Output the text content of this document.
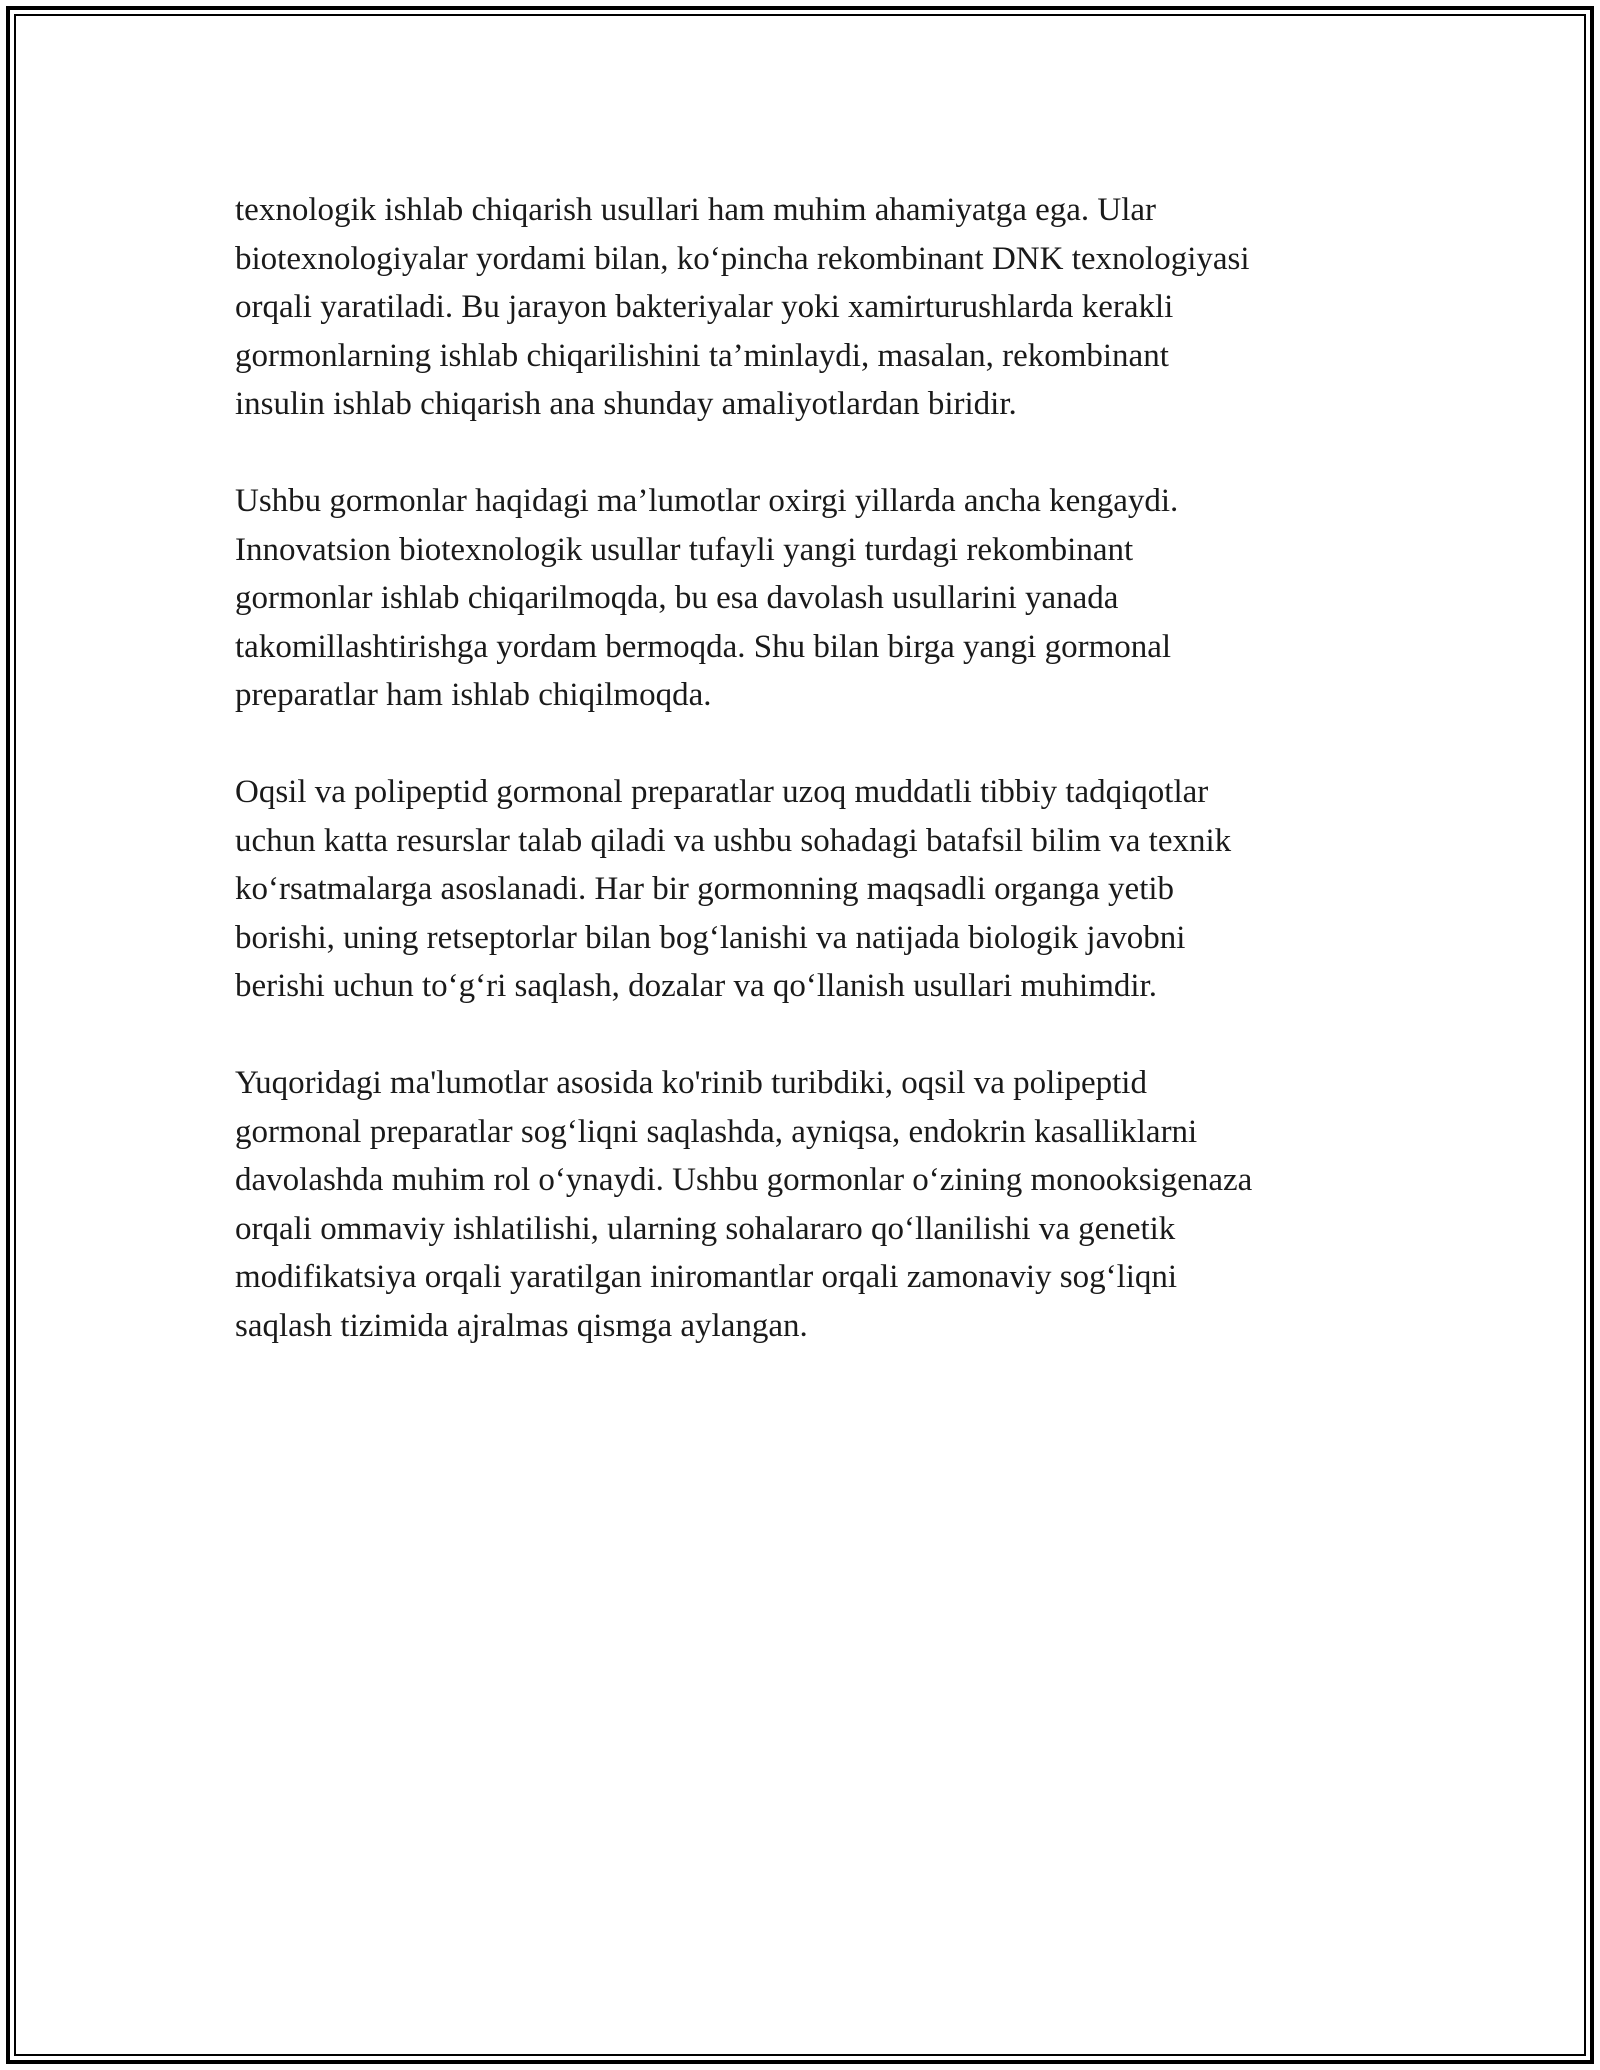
texnologik ishlab chiqarish usullari ham muhim ahamiyatga ega. Ular
biotexnologiyalar yordami bilan, ko‘pincha rekombinant DNK texnologiyasi
orqali yaratiladi. Bu jarayon bakteriyalar yoki xamirturushlarda kerakli
gormonlarning ishlab chiqarilishini ta’minlaydi, masalan, rekombinant
insulin ishlab chiqarish ana shunday amaliyotlardan biridir.

Ushbu gormonlar haqidagi ma’lumotlar oxirgi yillarda ancha kengaydi.
Innovatsion biotexnologik usullar tufayli yangi turdagi rekombinant
gormonlar ishlab chiqarilmoqda, bu esa davolash usullarini yanada
takomillashtirishga yordam bermoqda. Shu bilan birga yangi gormonal
preparatlar ham ishlab chiqilmoqda.

Oqsil va polipeptid gormonal preparatlar uzoq muddatli tibbiy tadqiqotlar
uchun katta resurslar talab qiladi va ushbu sohadagi batafsil bilim va texnik
ko‘rsatmalarga asoslanadi. Har bir gormonning maqsadli organga yetib
borishi, uning retseptorlar bilan bog‘lanishi va natijada biologik javobni
berishi uchun to‘g‘ri saqlash, dozalar va qo‘llanish usullari muhimdir.

Yuqoridagi ma'lumotlar asosida ko'rinib turibdiki, oqsil va polipeptid
gormonal preparatlar sog‘liqni saqlashda, ayniqsa, endokrin kasalliklarni
davolashda muhim rol o‘ynaydi. Ushbu gormonlar o‘zining monooksigenaza
orqali ommaviy ishlatilishi, ularning sohalararo qo‘llanilishi va genetik
modifikatsiya orqali yaratilgan iniromantlar orqali zamonaviy sog‘liqni
saqlash tizimida ajralmas qismga aylangan.
